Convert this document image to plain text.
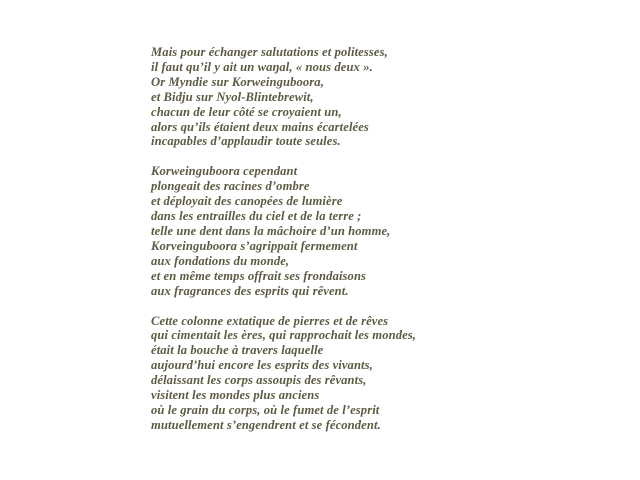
Mais pour échanger salutations et politesses,
il faut qu’il y ait un waŋal, « nous deux ».
Or Myndie sur Korweinguboora,
et Bidju sur Nyol-Blintebrewit,
chacun de leur côté se croyaient un,
alors qu’ils étaient deux mains écartelées
incapables d’applaudir toute seules.
Korweinguboora cependant
plongeait des racines d’ombre
et déployait des canopées de lumière
dans les entrailles du ciel et de la terre ;
telle une dent dans la mâchoire d’un homme,
Korveinguboora s’agrippait fermement
aux fondations du monde,
et en même temps offrait ses frondaisons
aux fragrances des esprits qui rêvent.
Cette colonne extatique de pierres et de rêves
qui cimentait les ères, qui rapprochait les mondes,
était la bouche à travers laquelle
aujourd’hui encore les esprits des vivants,
délaissant les corps assoupis des rêvants,
visitent les mondes plus anciens
où le grain du corps, où le fumet de l’esprit
mutuellement s’engendrent et se fécondent.
